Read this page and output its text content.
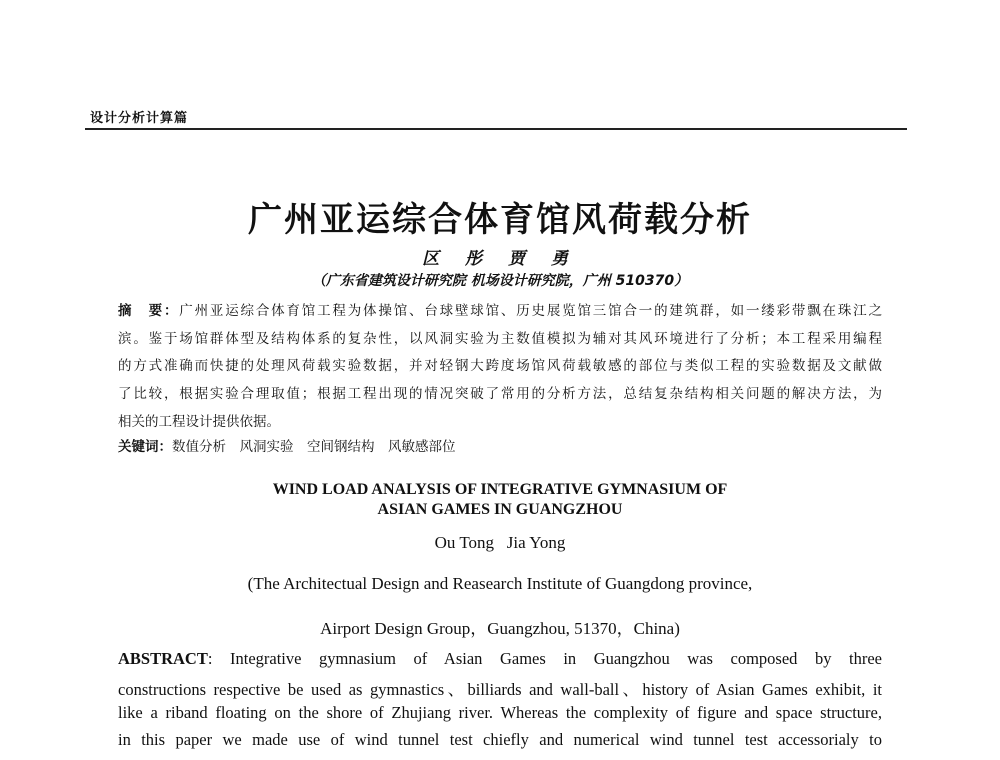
设计分析计算篇
广州亚运综合体育馆风荷载分析
区 彤 贾 勇
（广东省建筑设计研究院 机场设计研究院，广州 510370）
摘　要：广州亚运综合体育馆工程为体操馆、台球壁球馆、历史展览馆三馆合一的建筑群，如一缕彩带飘在珠江之
滨。鉴于场馆群体型及结构体系的复杂性，以风洞实验为主数值模拟为辅对其风环境进行了分析；本工程采用编程
的方式准确而快捷的处理风荷载实验数据，并对轻钢大跨度场馆风荷载敏感的部位与类似工程的实验数据及文献做
了比较，根据实验合理取值；根据工程出现的情况突破了常用的分析方法，总结复杂结构相关问题的解决方法，为
相关的工程设计提供依据。
关键词：数值分析　风洞实验　空间钢结构　风敏感部位
WIND LOAD ANALYSIS OF INTEGRATIVE GYMNASIUM OF
ASIAN GAMES IN GUANGZHOU
Ou Tong   Jia Yong
(The Architectual Design and Reasearch Institute of Guangdong province,
Airport Design Group，Guangzhou, 51370，China)
ABSTRACT: Integrative gymnasium of Asian Games in Guangzhou was composed by three
constructions respective be used as gymnastics、billiards and wall-ball、history of Asian Games exhibit, it
like a riband floating on the shore of Zhujiang river. Whereas the complexity of figure and space structure,
in this paper we made use of wind tunnel test chiefly and numerical wind tunnel test accessorialy to
